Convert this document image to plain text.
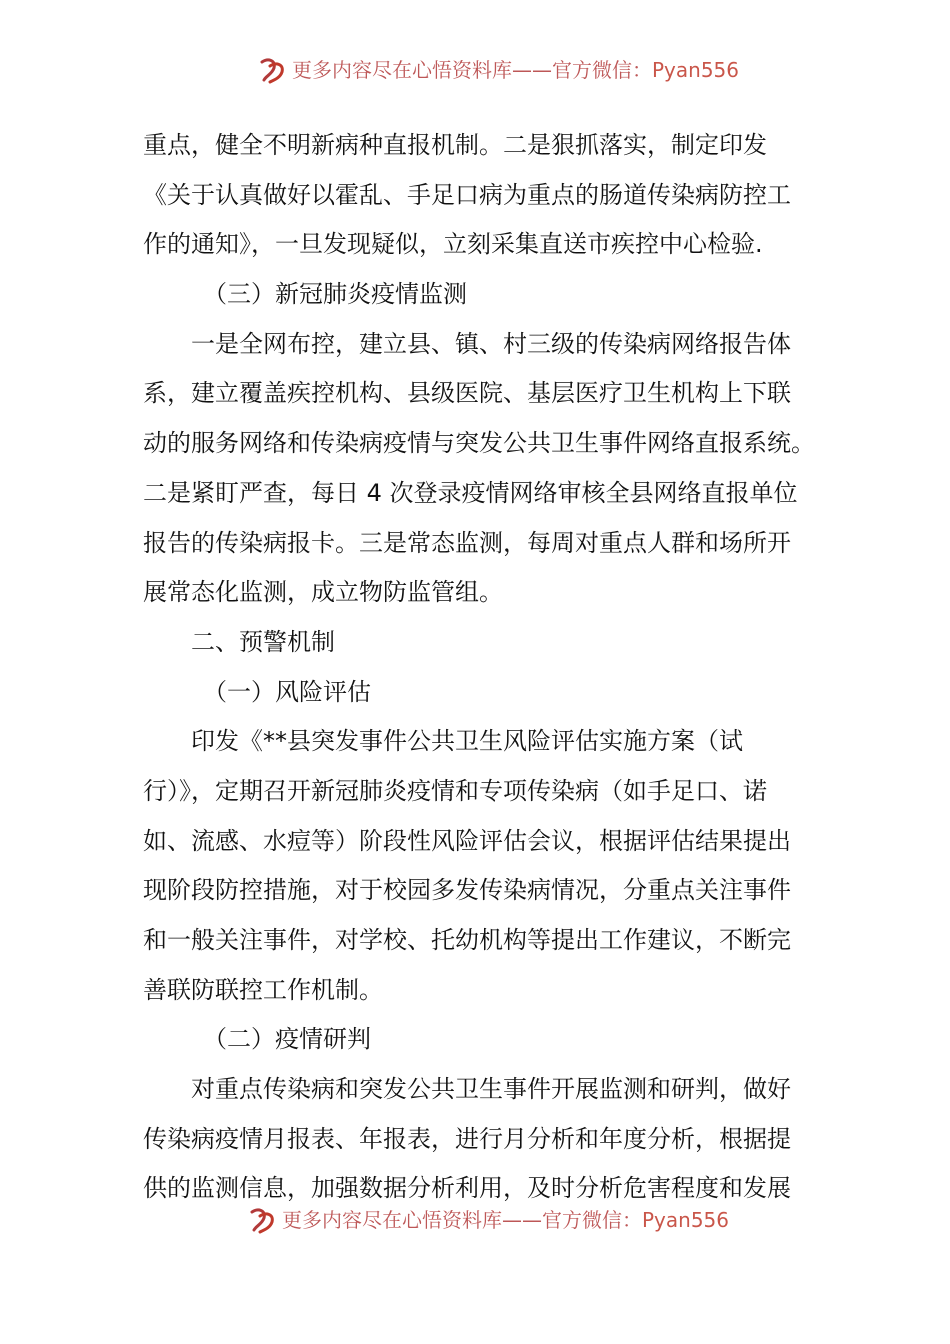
更多内容尽在心悟资料库——官方微信：Pyan556
重点，健全不明新病种直报机制。二是狠抓落实，制定印发
《关于认真做好以霍乱、手足口病为重点的肠道传染病防控工
作的通知》，一旦发现疑似，立刻采集直送市疾控中心检验.
（三）新冠肺炎疫情监测
一是全网布控，建立县、镇、村三级的传染病网络报告体
系，建立覆盖疾控机构、县级医院、基层医疗卫生机构上下联
动的服务网络和传染病疫情与突发公共卫生事件网络直报系统。
二是紧盯严查，每日 4 次登录疫情网络审核全县网络直报单位
报告的传染病报卡。三是常态监测，每周对重点人群和场所开
展常态化监测，成立物防监管组。
二、预警机制
（一）风险评估
印发《**县突发事件公共卫生风险评估实施方案（试
行）》，定期召开新冠肺炎疫情和专项传染病（如手足口、诺
如、流感、水痘等）阶段性风险评估会议，根据评估结果提出
现阶段防控措施，对于校园多发传染病情况，分重点关注事件
和一般关注事件，对学校、托幼机构等提出工作建议，不断完
善联防联控工作机制。
（二）疫情研判
对重点传染病和突发公共卫生事件开展监测和研判，做好
传染病疫情月报表、年报表，进行月分析和年度分析，根据提
供的监测信息，加强数据分析利用，及时分析危害程度和发展
更多内容尽在心悟资料库——官方微信：Pyan556
